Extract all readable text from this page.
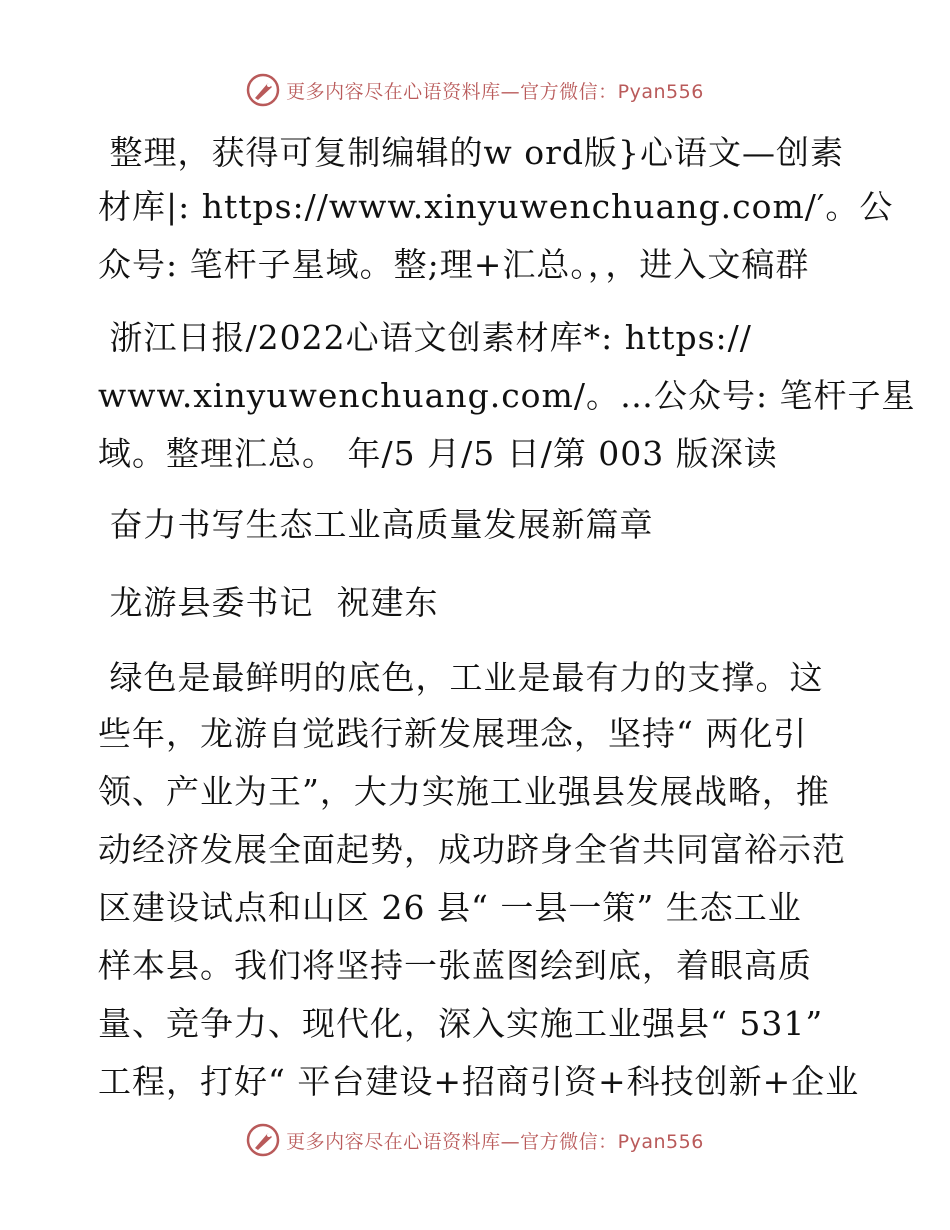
更多内容尽在心语资料库—官方微信：Pyan556
整理，获得可复制编辑的w ord版}心语文—创素
材库|: https://www.xinyuwenchuang.com/′。公
众号: 笔杆子星域。整;理+汇总。，，进入文稿群
浙江日报/2022心语文创素材库*: https://
www.xinyuwenchuang.com/。…公众号: 笔杆子星
域。整理汇总。 年/5 月/5 日/第 003 版深读
奋力书写生态工业高质量发展新篇章
龙游县委书记  祝建东
绿色是最鲜明的底色，工业是最有力的支撑。这
些年，龙游自觉践行新发展理念，坚持“ 两化引
领、产业为王”，大力实施工业强县发展战略，推
动经济发展全面起势，成功跻身全省共同富裕示范
区建设试点和山区 26 县“ 一县一策” 生态工业
样本县。我们将坚持一张蓝图绘到底，着眼高质
量、竞争力、现代化，深入实施工业强县“ 531”
工程，打好“ 平台建设+招商引资+科技创新+企业
更多内容尽在心语资料库—官方微信：Pyan556
